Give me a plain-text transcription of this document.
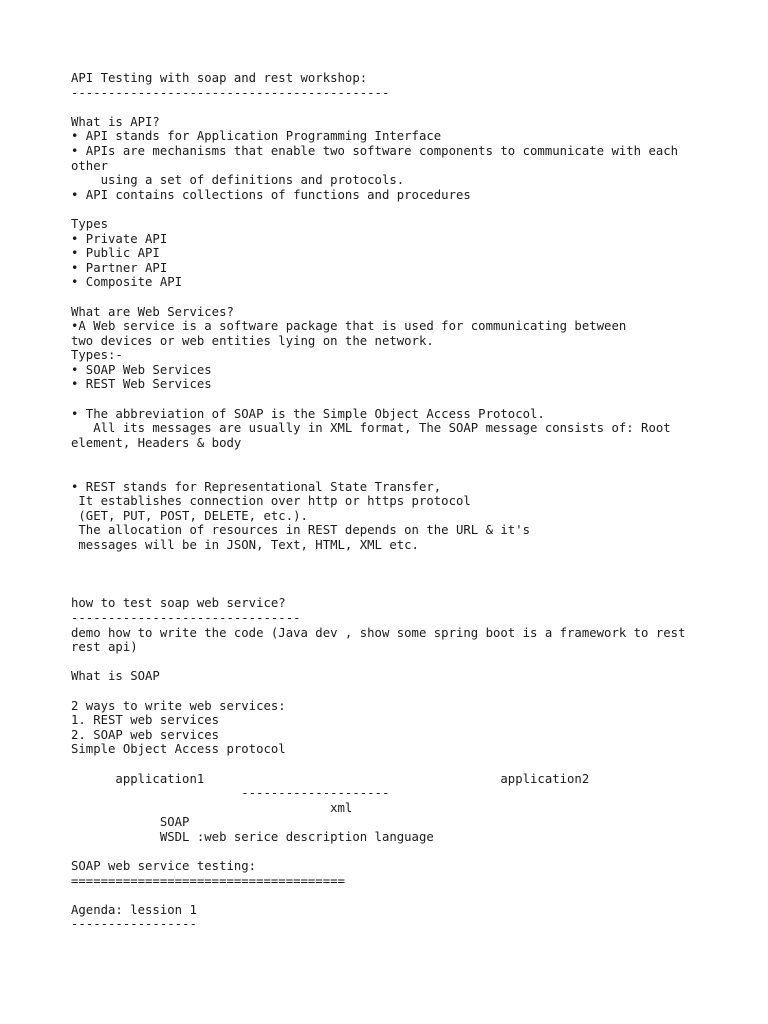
API Testing with soap and rest workshop:
-------------------------------------------
What is API?
• API stands for Application Programming Interface
• APIs are mechanisms that enable two software components to communicate with each
other
using a set of definitions and protocols.
• API contains collections of functions and procedures
Types
• Private API
• Public API
• Partner API
• Composite API
What are Web Services?
•A Web service is a software package that is used for communicating between
two devices or web entities lying on the network.
Types:-
• SOAP Web Services
• REST Web Services
• The abbreviation of SOAP is the Simple Object Access Protocol.
All its messages are usually in XML format, The SOAP message consists of: Root
element, Headers & body
• REST stands for Representational State Transfer,
It establishes connection over http or https protocol
(GET, PUT, POST, DELETE, etc.).
The allocation of resources in REST depends on the URL & it's
messages will be in JSON, Text, HTML, XML etc.
how to test soap web service?
-------------------------------
demo how to write the code (Java dev , show some spring boot is a framework to rest
rest api)
What is SOAP
2 ways to write web services:
1. REST web services
2. SOAP web services
Simple Object Access protocol
application1                                        application2
--------------------
xml
SOAP
WSDL :web serice description language
SOAP web service testing:
=====================================
Agenda: lession 1
-----------------
